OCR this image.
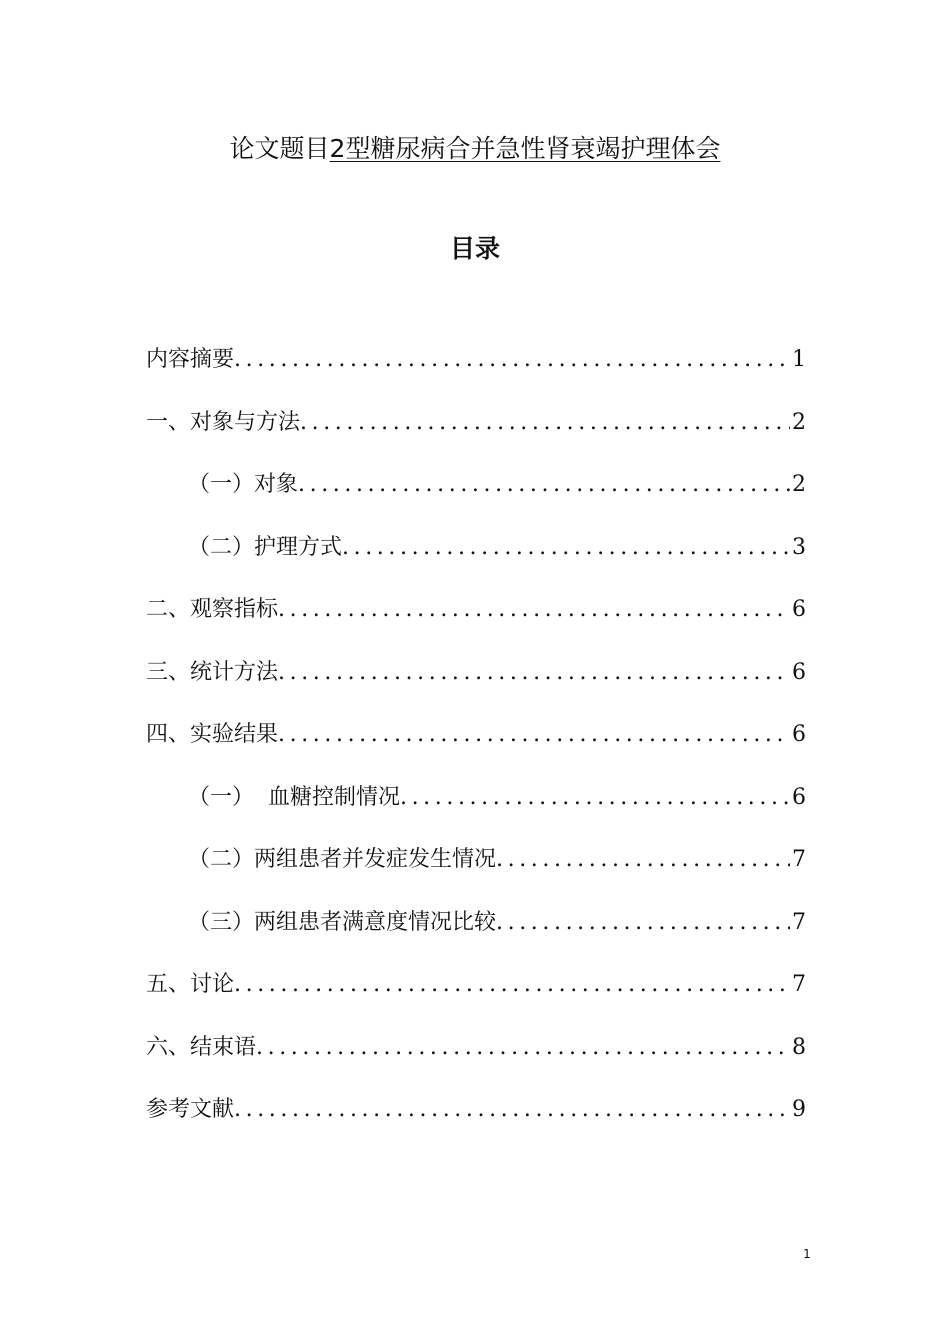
论文题目2型糖尿病合并急性肾衰竭护理体会
目录
内容摘要 .....	1
一、对象与方法 .....	2
（一）对象 .....	2
（二）护理方式 .....	3
二、观察指标 .....	6
三、统计方法 .....	6
四、实验结果 .....	6
（一）  血糖控制情况 .....	6
（二）两组患者并发症发生情况 .....	7
（三）两组患者满意度情况比较 .....	7
五、讨论 .....	7
六、结束语 .....	8
参考文献 .....	9
1
